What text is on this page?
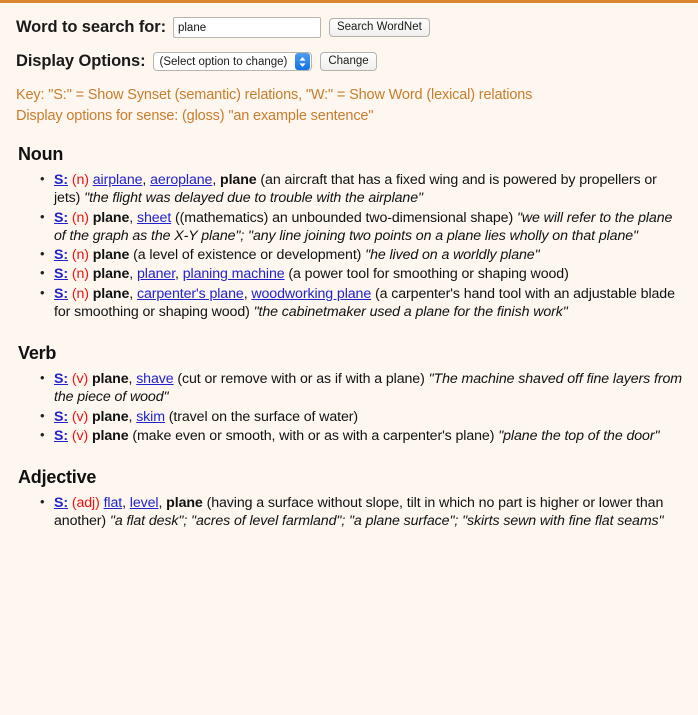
Word to search for:
plane	Search WordNet
Display Options: (Select option to change)	Change
Key: "S:" = Show Synset (semantic) relations, "W:" = Show Word (lexical) relations
Display options for sense: (gloss) "an example sentence"
Noun
• S: (n) airplane, aeroplane, plane (an aircraft that has a fixed wing and is powered by propellers or jets) "the flight was delayed due to trouble with the airplane"
• S: (n) plane, sheet ((mathematics) an unbounded two-dimensional shape) "we will refer to the plane of the graph as the X-Y plane"; "any line joining two points on a plane lies wholly on that plane"
• S: (n) plane (a level of existence or development) "he lived on a worldly plane"
• S: (n) plane, planer, planing machine (a power tool for smoothing or shaping wood)
• S: (n) plane, carpenter's plane, woodworking plane (a carpenter's hand tool with an adjustable blade for smoothing or shaping wood) "the cabinetmaker used a plane for the finish work"
Verb
• S: (v) plane, shave (cut or remove with or as if with a plane) "The machine shaved off fine layers from the piece of wood"
• S: (v) plane, skim (travel on the surface of water)
• S: (v) plane (make even or smooth, with or as with a carpenter's plane) "plane the top of the door"
Adjective
• S: (adj) flat, level, plane (having a surface without slope, tilt in which no part is higher or lower than another) "a flat desk"; "acres of level farmland"; "a plane surface"; "skirts sewn with fine flat seams"
